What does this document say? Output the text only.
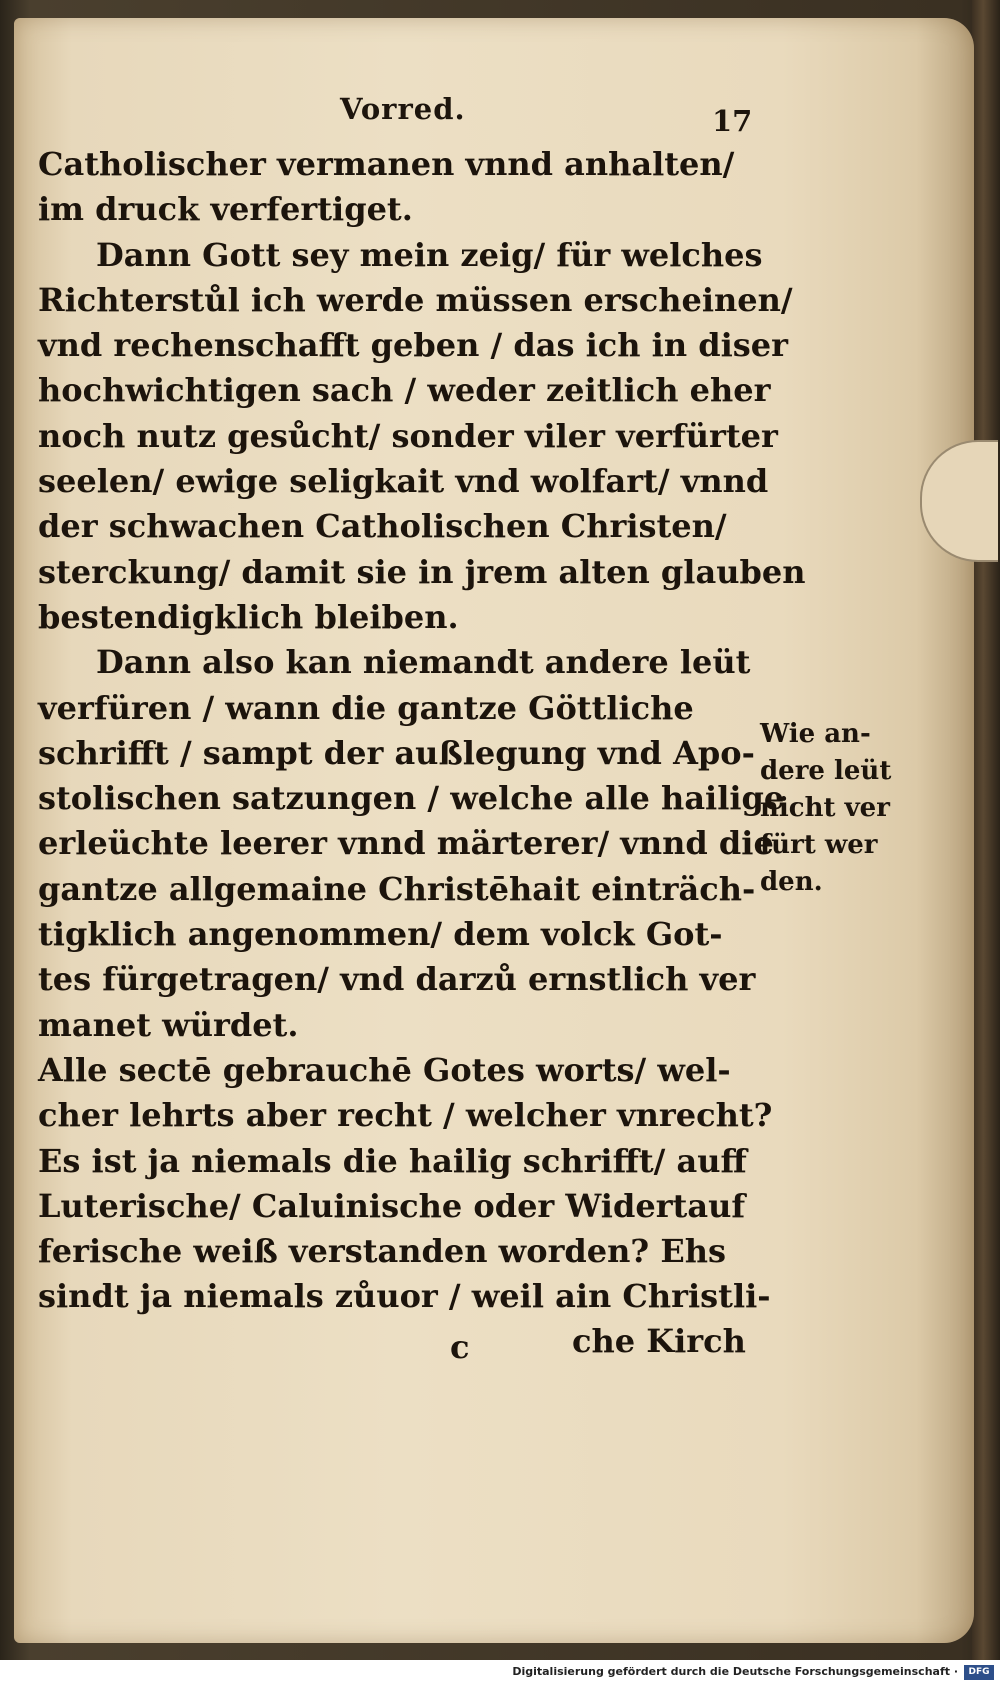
Vorred.	17
Catholischer vermanen vnnd anhalten/
im druck verfertiget.
Dann Gott sey mein zeig/ für welches
Richterstůl ich werde müssen erscheinen/
vnd rechenschafft geben / das ich in diser
hochwichtigen sach / weder zeitlich eher
noch nutz gesůcht/ sonder viler verfürter
seelen/ ewige seligkait vnd wolfart/ vnnd
der schwachen Catholischen Christen/
sterckung/ damit sie in jrem alten glauben
bestendigklich bleiben.
Dann also kan niemandt andere leüt
verfüren / wann die gantze Göttliche
schrifft / sampt der außlegung vnd Apo-
stolischen satzungen / welche alle hailige
erleüchte leerer vnnd märterer/ vnnd die
gantze allgemaine Christēhait einträch-
tigklich angenommen/ dem volck Got-
tes fürgetragen/ vnd darzů ernstlich ver
manet würdet.
Alle sectē gebrauchē Gotes worts/ wel-
cher lehrts aber recht / welcher vnrecht?
Es ist ja niemals die hailig schrifft/ auff
Luterische/ Caluinische oder Widertauf
ferische weiß verstanden worden? Ehs
sindt ja niemals zůuor / weil ain Christli-
Wie an-
dere leüt
nicht ver
fürt wer
den.
c	che Kirch
Digitalisierung gefördert durch die Deutsche Forschungsgemeinschaft ·	DFG
